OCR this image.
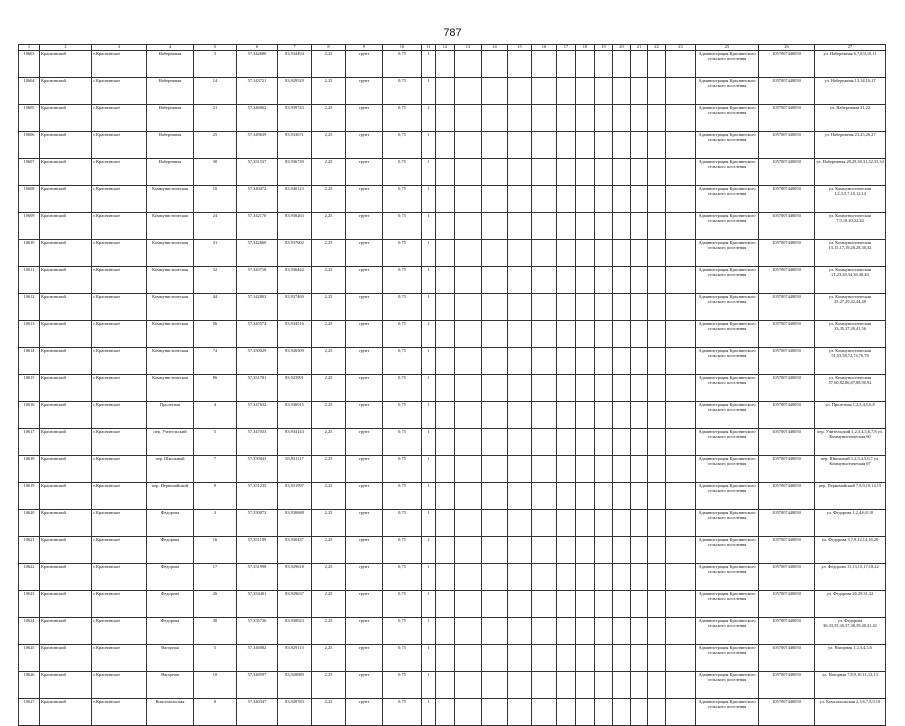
787
1	2	3	4	5	6	7	8	9	10	11	12	13	14	15	16	17	18	19	20	21	22	23	25	26	27
10603	Краснинский	с.Краснинское	Набережная	3	57,342680	83,934494	2,25	грунт	0,75	1													Администрация Краснинского сельского поселения	1057007440050	ул. Набережная 6,7,8,9,10,11
10604	Краснинский	с.Краснинское	Набережная	14	57,343721	83,929529	2,25	грунт	0,75	1													Администрация Краснинского сельского поселения	1057007440050	ул. Набережная 13,14,16,17
10605	Краснинский	с.Краснинское	Набережная	21	57,346062	83,939743	2,25	грунт	0,75	1													Администрация Краснинского сельского поселения	1057007440050	ул. Набережная 21,22
10606	Краснинский	с.Краснинское	Набережная	25	57,349639	83,933671	2,25	грунт	0,75	1													Администрация Краснинского сельского поселения	1057007440050	ул. Набережная 23,25,26,27
10607	Краснинский	с.Краснинское	Набережная	30	57,351537	83,936739	2,25	грунт	0,75	1													Администрация Краснинского сельского поселения	1057007440050	ул. Набережная 28,29,30,31,32,33,34
10608	Краснинский	с.Краснинское	Коммунистическая	10	57,340472	83,940123	2,25	грунт	0,75	1													Администрация Краснинского сельского поселения	1057007440050	ул. Коммунистическая 1,2,3,5,7,10,12,14
10609	Краснинский	с.Краснинское	Коммунистическая	24	57,342170	83,938263	2,25	грунт	0,75	1													Администрация Краснинского сельского поселения	1057007440050	ул. Коммунистическая 7,9,18,20,22,24
10610	Краснинский	с.Краснинское	Коммунистическая	31	57,342660	83,937602	2,25	грунт	0,75	1													Администрация Краснинского сельского поселения	1057007440050	ул. Коммунистическая 13,15,17,19,26,28,30,32
10611	Краснинский	с.Краснинское	Коммунистическая	32	57,343718	83,936442	2,25	грунт	0,75	1													Администрация Краснинского сельского поселения	1057007440050	ул. Коммунистическая 21,23,28,34,36,38,40
10612	Краснинский	с.Краснинское	Коммунистическая	44	57,342803	83,937469	2,25	грунт	0,75	1													Администрация Краснинского сельского поселения	1057007440050	ул. Коммунистическая 25,27,29,42,44,48
10613	Краснинский	с.Краснинское	Коммунистическая	56	57,345574	83,934516	2,25	грунт	0,75	1													Администрация Краснинского сельского поселения	1057007440050	ул. Коммунистическая 33,35,37,39,41,56
10614	Краснинский	с.Краснинское	Коммунистическая	74	57,350029	83,926509	2,25	грунт	0,75	1													Администрация Краснинского сельского поселения	1057007440050	ул. Коммунистическая 51,53,58,72,74,76,78
10615	Краснинский	с.Краснинское	Коммунистическая	86	57,351781	83,923991	2,25	грунт	0,75	1													Администрация Краснинского сельского поселения	1057007440050	ул. Коммунистическая 57,60,82,86,87,88,90,92
10616	Краснинский	с.Краснинское	Пролетная	4	57,347632	83,936915	2,25	грунт	0,75	1													Администрация Краснинского сельского поселения	1057007440050	ул. Пролетная 1,2,3,4,5,6,8
10617	Краснинский	с.Краснинское	пер. Учительский	5	57,347033	83,934143	2,25	грунт	0,75	1													Администрация Краснинского сельского поселения	1057007440050	пер. Учительский 1,2,3,4,5,6,7,8 ул. Коммунистическая 60
10618	Краснинский	с.Краснинское	пер. Школьный	7	57,350043	83,931117	2,25	грунт	0,75	1													Администрация Краснинского сельского поселения	1057007440050	пер. Школьный 1,2,3,4,5,6,7 ул. Коммунистическая 67
10619	Краснинский	с.Краснинское	пер. Первомайский	9	57,351235	83,931997	2,25	грунт	0,75	1													Администрация Краснинского сельского поселения	1057007440050	пер. Первомайский 7,8,9,10,14,15
10620	Краснинский	с.Краснинское	Федорова	3	57,350073	83,930688	2,25	грунт	0,75	1													Администрация Краснинского сельского поселения	1057007440050	ул. Федорова 1,2,4,6,8,10
10621	Краснинский	с.Краснинское	Федорова	16	57,351189	83,930437	2,25	грунт	0,75	1													Администрация Краснинского сельского поселения	1057007440050	ул. Федорова 3,7,9,12,14,16,20
10622	Краснинский	с.Краснинское	Федорова	17	57,351998	83,929618	2,25	грунт	0,75	1													Администрация Краснинского сельского поселения	1057007440050	ул. Федорова 11,13,15,17,18,22
10623	Краснинский	с.Краснинское	Федорова	26	57,354401	83,929637	2,25	грунт	0,75	1													Администрация Краснинского сельского поселения	1057007440050	ул. Федорова 26,29,31,32
10624	Краснинский	с.Краснинское	Федорова	38	57,355736	83,930023	2,25	грунт	0,75	1													Администрация Краснинского сельского поселения	1057007440050	ул. Федорова 30,33,35,36,37,38,39,40,41,42
10625	Краснинский	с.Краснинское	Нагорная	5	57,346082	83,929113	2,25	грунт	0,75	1													Администрация Краснинского сельского поселения	1057007440050	ул. Нагорная 1,2,3,4,5,6
10626	Краснинский	с.Краснинское	Нагорная	10	57,348597	83,928089	2,25	грунт	0,75	1													Администрация Краснинского сельского поселения	1057007440050	ул. Нагорная 7,8,9,10,11,12,13
10627	Краснинский	с.Краснинское	Комсомольская	8	57,340347	83,928783	2,25	грунт	0,75	1													Администрация Краснинского сельского поселения	1057007440050	ул. Комсомольская 2,3,6,7,8,9,10
